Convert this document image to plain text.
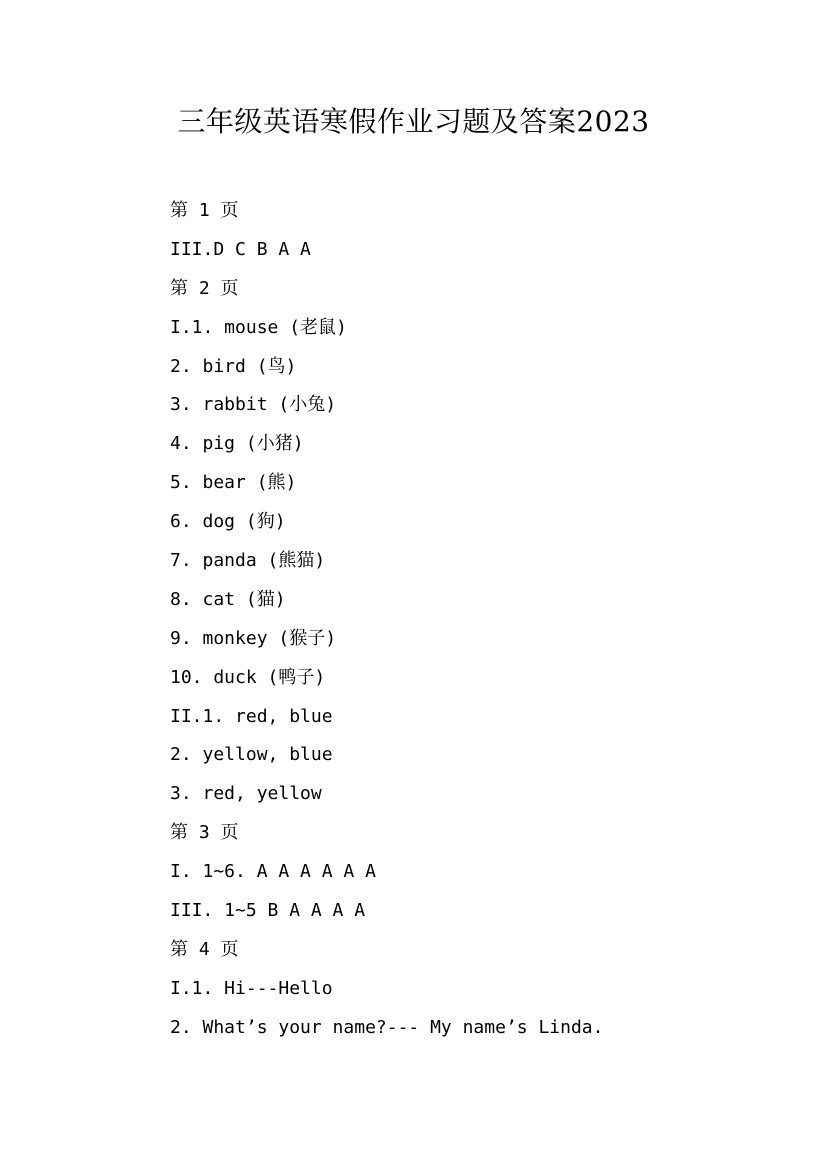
三年级英语寒假作业习题及答案2023
第 1 页
III.D C B A A
第 2 页
I.1. mouse (老鼠)
2. bird (鸟)
3. rabbit (小兔)
4. pig (小猪)
5. bear (熊)
6. dog (狗)
7. panda (熊猫)
8. cat (猫)
9. monkey (猴子)
10. duck (鸭子)
II.1. red, blue
2. yellow, blue
3. red, yellow
第 3 页
I. 1~6. A A A A A A
III. 1~5 B A A A A
第 4 页
I.1. Hi---Hello
2. What’s your name?--- My name’s Linda.
